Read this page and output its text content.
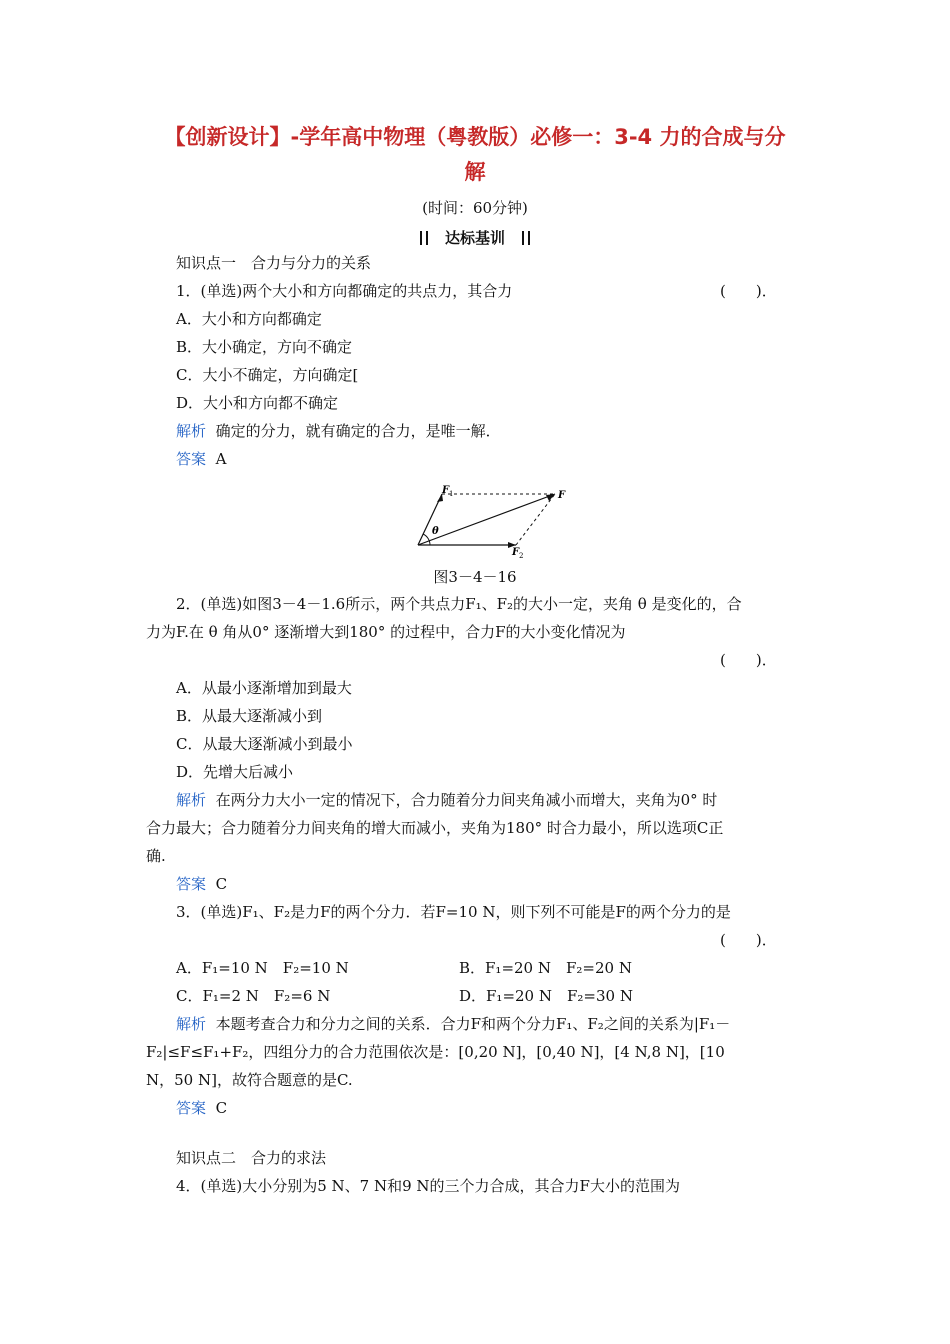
【创新设计】-学年高中物理（粤教版）必修一：3-4 力的合成与分
解
(时间：60分钟)
达标基训
知识点一　合力与分力的关系
1．(单选)两个大小和方向都确定的共点力，其合力	(　　)．
A．大小和方向都确定
B．大小确定，方向不确定
C．大小不确定，方向确定[
D．大小和方向都不确定
解析 确定的分力，就有确定的合力，是唯一解．
答案 A
F 1	F
F 2
θ
图3－4－16
2．(单选)如图3－4－1.6所示，两个共点力F₁、F₂的大小一定，夹角 θ 是变化的，合
力为F.在 θ 角从0° 逐渐增大到180° 的过程中，合力F的大小变化情况为
(　　)．
A．从最小逐渐增加到最大
B．从最大逐渐减小到
C．从最大逐渐减小到最小
D．先增大后减小
解析 在两分力大小一定的情况下，合力随着分力间夹角减小而增大，夹角为0° 时
合力最大；合力随着分力间夹角的增大而减小，夹角为180° 时合力最小，所以选项C正
确.
答案 C
3．(单选)F₁、F₂是力F的两个分力．若F=10 N，则下列不可能是F的两个分力的是
(　　)．
A．F₁=10 N　F₂=10 N	B．F₁=20 N　F₂=20 N
C．F₁=2 N　F₂=6 N	D．F₁=20 N　F₂=30 N
解析 本题考查合力和分力之间的关系．合力F和两个分力F₁、F₂之间的关系为|F₁－
F₂|≤F≤F₁+F₂，四组分力的合力范围依次是：[0,20 N]，[0,40 N]，[4 N,8 N]，[10
N，50 N]，故符合题意的是C.
答案 C
知识点二　合力的求法
4．(单选)大小分别为5 N、7 N和9 N的三个力合成，其合力F大小的范围为
